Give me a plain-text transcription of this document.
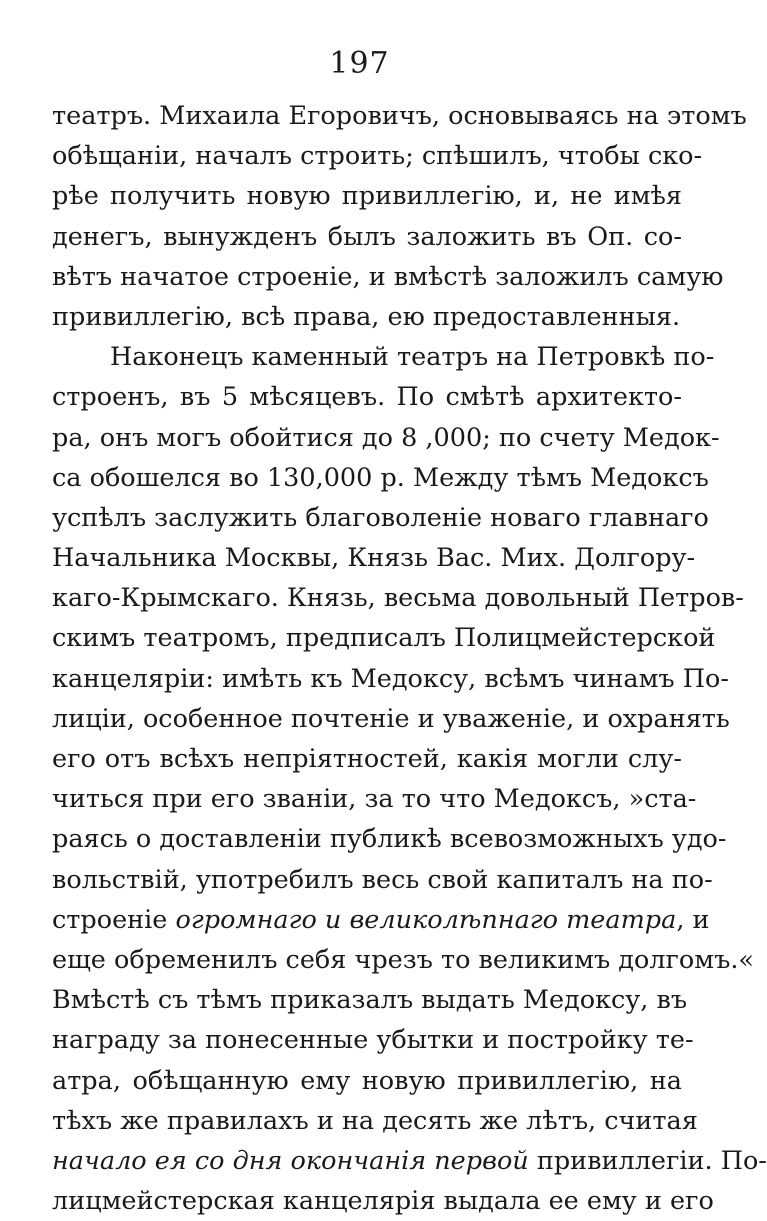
197
театръ. Михаила Егоровичъ, основываясь на этомъ
обѣщаніи, началъ строить; спѣшилъ, чтобы ско-
рѣе получить новую привиллегію, и, не имѣя
денегъ, вынужденъ былъ заложить въ Оп. со-
вѣтъ начатое строеніе, и вмѣстѣ заложилъ самую
привиллегію, всѣ права, ею предоставленныя.
Наконецъ каменный театръ на Петровкѣ по-
строенъ, въ 5 мѣсяцевъ. По смѣтѣ архитекто-
ра, онъ могъ обойтися до 8 ,000; по счету Медок-
са обошелся во 130,000 р. Между тѣмъ Медоксъ
успѣлъ заслужить благоволеніе новаго главнаго
Начальника Москвы, Князь Вас. Мих. Долгору-
каго-Крымскаго. Князь, весьма довольный Петров-
скимъ театромъ, предписалъ Полицмейстерской
канцеляріи: имѣть къ Медоксу, всѣмъ чинамъ По-
лиціи, особенное почтеніе и уваженіе, и охранять
его отъ всѣхъ непріятностей, какія могли слу-
читься при его званіи, за то что Медоксъ, »ста-
раясь о доставленіи публикѣ всевозможныхъ удо-
вольствій, употребилъ весь свой капиталъ на по-
строеніе огромнаго и великолѣпнаго театра, и
еще обременилъ себя чрезъ то великимъ долгомъ.«
Вмѣстѣ съ тѣмъ приказалъ выдать Медоксу, въ
награду за понесенные убытки и постройку те-
атра, обѣщанную ему новую привиллегію, на
тѣхъ же правилахъ и на десять же лѣтъ, считая
начало ея со дня окончанія первой привиллегіи. По-
лицмейстерская канцелярія выдала ее ему и его
